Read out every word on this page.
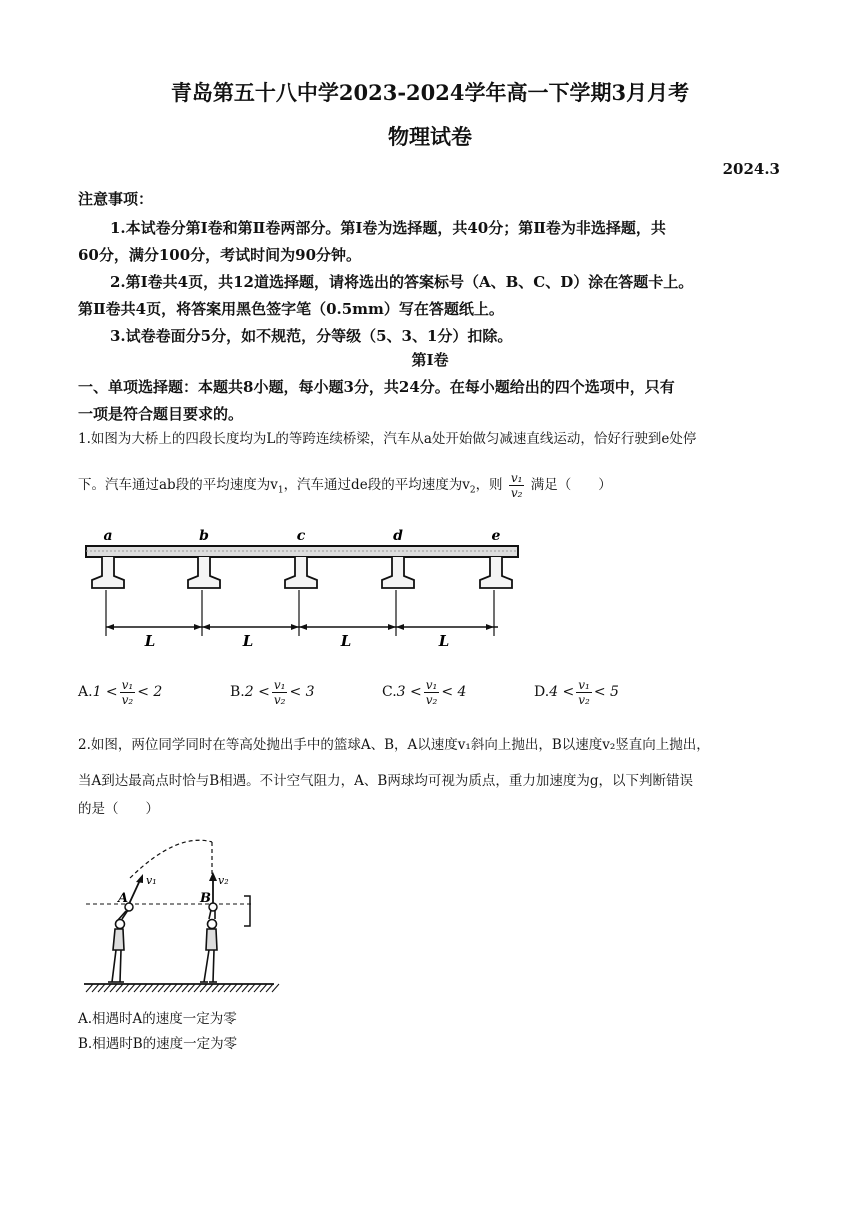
青岛第五十八中学2023-2024学年高一下学期3月月考
物理试卷
2024.3
注意事项：
1.本试卷分第Ⅰ卷和第Ⅱ卷两部分。第Ⅰ卷为选择题，共40分；第Ⅱ卷为非选择题，共
60分，满分100分，考试时间为90分钟。
2.第Ⅰ卷共4页，共12道选择题，请将选出的答案标号（A、B、C、D）涂在答题卡上。
第Ⅱ卷共4页，将答案用黑色签字笔（0.5mm）写在答题纸上。
3.试卷卷面分5分，如不规范，分等级（5、3、1分）扣除。
第Ⅰ卷
一、单项选择题：本题共8小题，每小题3分，共24分。在每小题给出的四个选项中，只有
一项是符合题目要求的。
1.如图为大桥上的四段长度均为L的等跨连续桥梁，汽车从a处开始做匀减速直线运动，恰好行驶到e处停
下。汽车通过ab段的平均速度为$v_1$，汽车通过de段的平均速度为$v_2$，则 $\frac{\text{v₁}}{\text{v₂}}$ 满足（　　）
a	b	c	d	e
L	L	L	L
$A.1 < \frac{\text{v₁}}{\text{v₂}} < 2$	$B.2 < \frac{\text{v₁}}{\text{v₂}} < 3$	$C.3 < \frac{\text{v₁}}{\text{v₂}} < 4$	$D.4 < \frac{\text{v₁}}{\text{v₂}} < 5$
2.如图，两位同学同时在等高处抛出手中的篮球A、B，A以速度v₁斜向上抛出，B以速度v₂竖直向上抛出，
当A到达最高点时恰与B相遇。不计空气阻力，A、B两球均可视为质点，重力加速度为g，以下判断错误
的是（　　）
A	B
v₁	v₂
A.相遇时A的速度一定为零
B.相遇时B的速度一定为零
